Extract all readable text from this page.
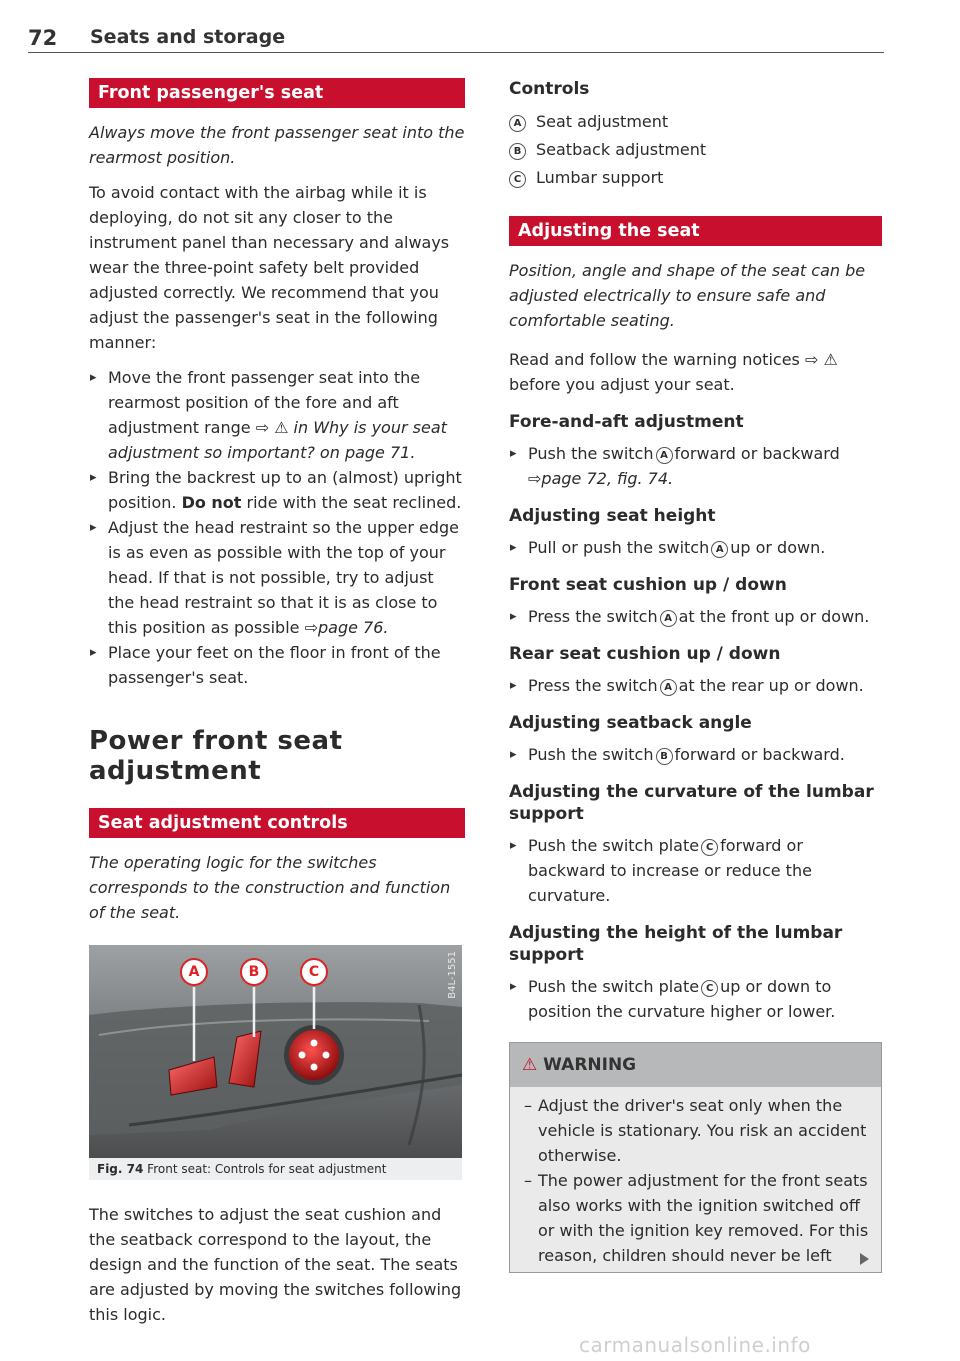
72 Seats and storage
Front passenger's seat

Always move the front passenger seat into the rearmost position.

To avoid contact with the airbag while it is deploying, do not sit any closer to the instrument panel than necessary and always wear the three-point safety belt provided adjusted correctly. We recommend that you adjust the passenger's seat in the following manner:

▸ Move the front passenger seat into the rearmost position of the fore and aft adjustment range ⇨ ⚠ in Why is your seat adjustment so important? on page 71.
▸ Bring the backrest up to an (almost) upright position. Do not ride with the seat reclined.
▸ Adjust the head restraint so the upper edge is as even as possible with the top of your head. If that is not possible, try to adjust the head restraint so that it is as close to this position as possible ⇨page 76.
▸ Place your feet on the floor in front of the passenger's seat.
Power front seat
adjustment
Seat adjustment controls

The operating logic for the switches corresponds to the construction and function of the seat.

A	B	C	B4L-1551
Fig. 74 Front seat: Controls for seat adjustment

The switches to adjust the seat cushion and the seatback correspond to the layout, the design and the function of the seat. The seats are adjusted by moving the switches following this logic.

Controls
A Seat adjustment
B Seatback adjustment
C Lumbar support
Adjusting the seat

Position, angle and shape of the seat can be adjusted electrically to ensure safe and comfortable seating.

Read and follow the warning notices ⇨ ⚠ before you adjust your seat.

Fore-and-aft adjustment
▸ Push the switch A forward or backward ⇨page 72, fig. 74.
Adjusting seat height
▸ Pull or push the switch A up or down.
Front seat cushion up / down
▸ Press the switch A at the front up or down.
Rear seat cushion up / down
▸ Press the switch A at the rear up or down.
Adjusting seatback angle
▸ Push the switch B forward or backward.
Adjusting the curvature of the lumbar support
▸ Push the switch plate C forward or backward to increase or reduce the curvature.
Adjusting the height of the lumbar support
▸ Push the switch plate C up or down to position the curvature higher or lower.
⚠ WARNING
– Adjust the driver's seat only when the vehicle is stationary. You risk an accident otherwise.
– The power adjustment for the front seats also works with the ignition switched off or with the ignition key removed. For this reason, children should never be left
carmanualsonline.info
